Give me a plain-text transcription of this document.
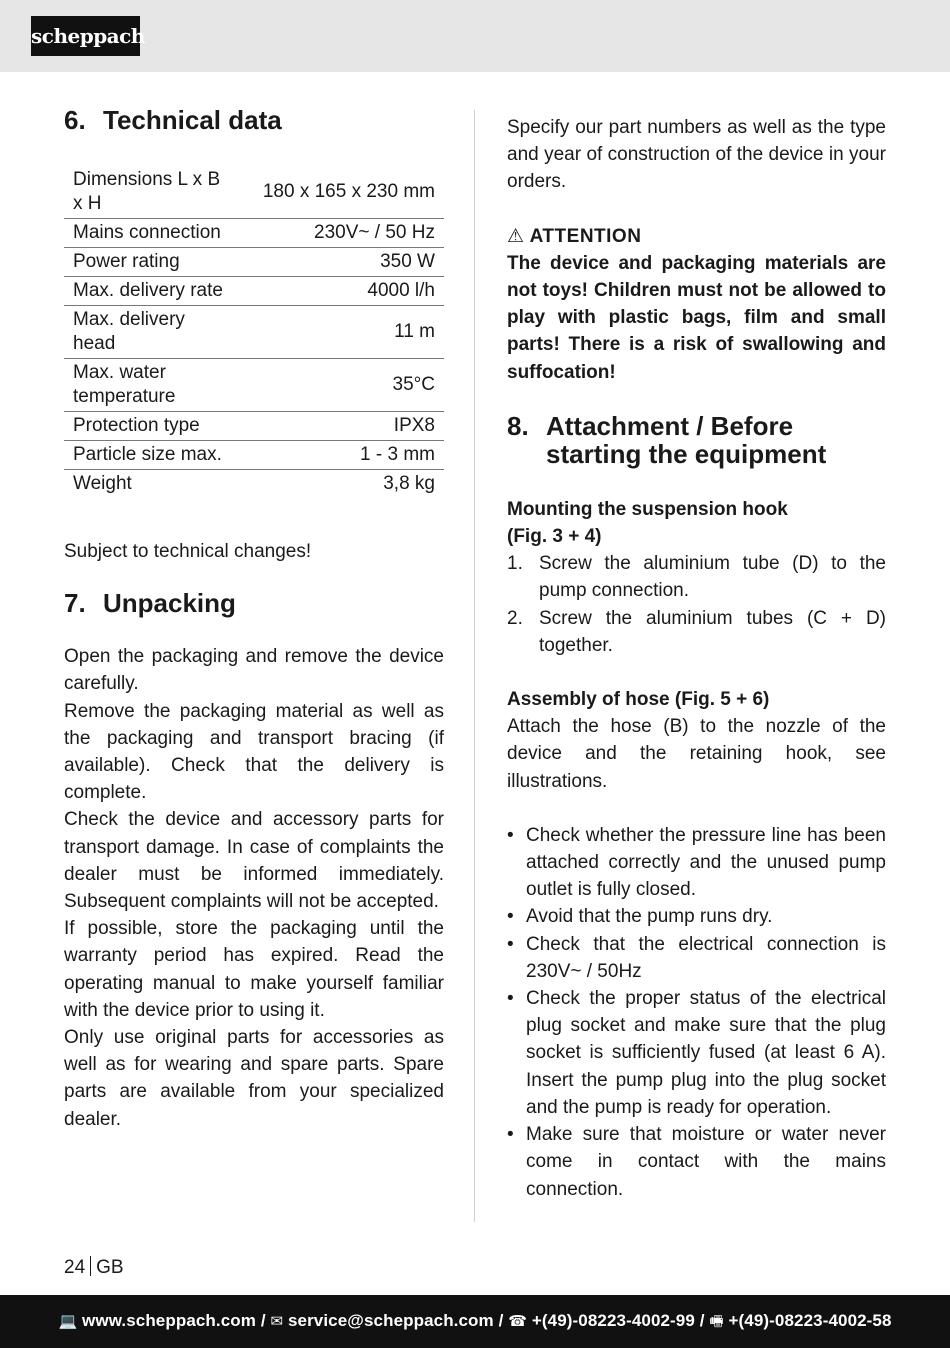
scheppach
6. Technical data
Dimensions L x B x H	180 x 165 x 230 mm
Mains connection	230V~ / 50 Hz
Power rating	350 W
Max. delivery rate	4000 l/h
Max. delivery head	11 m
Max. water temperature	35°C
Protection type	IPX8
Particle size max.	1 - 3 mm
Weight	3,8 kg

Subject to technical changes!

7. Unpacking

Open the packaging and remove the device carefully.

Remove the packaging material as well as the packaging and transport bracing (if available). Check that the delivery is complete.

Check the device and accessory parts for transport damage. In case of complaints the dealer must be informed immediately. Subsequent complaints will not be accepted.

If possible, store the packaging until the warranty period has expired. Read the operating manual to make yourself familiar with the device prior to using it.

Only use original parts for accessories as well as for wearing and spare parts. Spare parts are available from your specialized dealer.

Specify our part numbers as well as the type and year of construction of the device in your orders.

⚠ ATTENTION

The device and packaging materials are not toys! Children must not be allowed to play with plastic bags, film and small parts! There is a risk of swallowing and suffocation!

8. Attachment / Before starting the equipment
Mounting the suspension hook
(Fig. 3 + 4)
1. Screw the aluminium tube (D) to the pump connection.
2. Screw the aluminium tubes (C + D) together.
Assembly of hose (Fig. 5 + 6)

Attach the hose (B) to the nozzle of the device and the retaining hook, see illustrations.

• Check whether the pressure line has been attached correctly and the unused pump outlet is fully closed.
• Avoid that the pump runs dry.
• Check that the electrical connection is 230V~ / 50Hz
• Check the proper status of the electrical plug socket and make sure that the plug socket is sufficiently fused (at least 6 A). Insert the pump plug into the plug socket and the pump is ready for operation.
• Make sure that moisture or water never come in contact with the mains connection.
24 GB
💻 www.scheppach.com / ✉ service@scheppach.com / ☎ +(49)-08223-4002-99 / 🖷 +(49)-08223-4002-58
